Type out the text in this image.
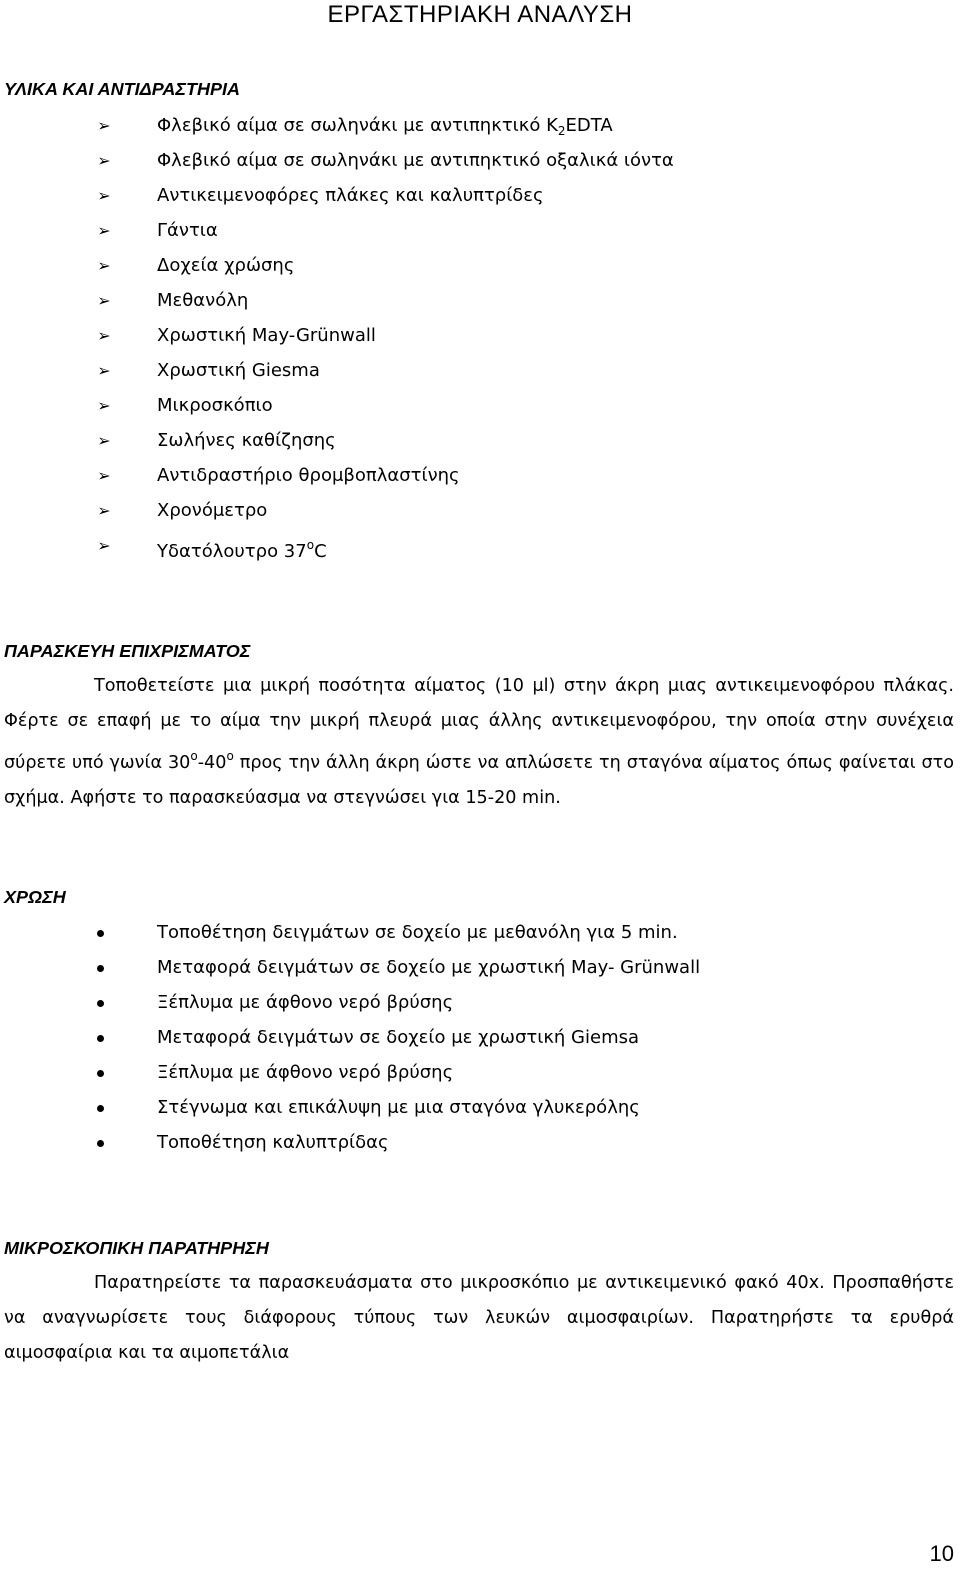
ΕΡΓΑΣΤΗΡΙΑΚΗ ΑΝΑΛΥΣΗ
ΥΛΙΚΑ ΚΑΙ ΑΝΤΙΔΡΑΣΤΗΡΙΑ
➢	Φλεβικό αίμα σε σωληνάκι με αντιπηκτικό $K_2EDTA$
➢	Φλεβικό αίμα σε σωληνάκι με αντιπηκτικό οξαλικά ιόντα
➢	Αντικειμενοφόρες πλάκες και καλυπτρίδες
➢	Γάντια
➢	Δοχεία χρώσης
➢	Μεθανόλη
➢	Χρωστική May-Grünwall
➢	Χρωστική Giesma
➢	Μικροσκόπιο
➢	Σωλήνες καθίζησης
➢	Αντιδραστήριο θρομβοπλαστίνης
➢	Χρονόμετρο
➢	Υδατόλουτρο 37$^o$C
ΠΑΡΑΣΚΕΥΗ ΕΠΙΧΡΙΣΜΑΤΟΣ

Τοποθετείστε μια μικρή ποσότητα αίματος (10 μl) στην άκρη μιας αντικειμενοφόρου πλάκας. Φέρτε σε επαφή με το αίμα την μικρή πλευρά μιας άλλης αντικειμενοφόρου, την οποία στην συνέχεια σύρετε υπό γωνία 30$^o$-40$^o$ προς την άλλη άκρη ώστε να απλώσετε τη σταγόνα αίματος όπως φαίνεται στο σχήμα. Αφήστε το παρασκεύασμα να στεγνώσει για 15-20 min.

ΧΡΩΣΗ
Τοποθέτηση δειγμάτων σε δοχείο με μεθανόλη για 5 min.
Μεταφορά δειγμάτων σε δοχείο με χρωστική May- Grünwall
Ξέπλυμα με άφθονο νερό βρύσης
Μεταφορά δειγμάτων σε δοχείο με χρωστική Giemsa
Ξέπλυμα με άφθονο νερό βρύσης
Στέγνωμα και επικάλυψη με μια σταγόνα γλυκερόλης
Τοποθέτηση καλυπτρίδας
ΜΙΚΡΟΣΚΟΠΙΚΗ ΠΑΡΑΤΗΡΗΣΗ

Παρατηρείστε τα παρασκευάσματα στο μικροσκόπιο με αντικειμενικό φακό 40x. Προσπαθήστε να αναγνωρίσετε τους διάφορους τύπους των λευκών αιμοσφαιρίων. Παρατηρήστε τα ερυθρά αιμοσφαίρια και τα αιμοπετάλια

10
